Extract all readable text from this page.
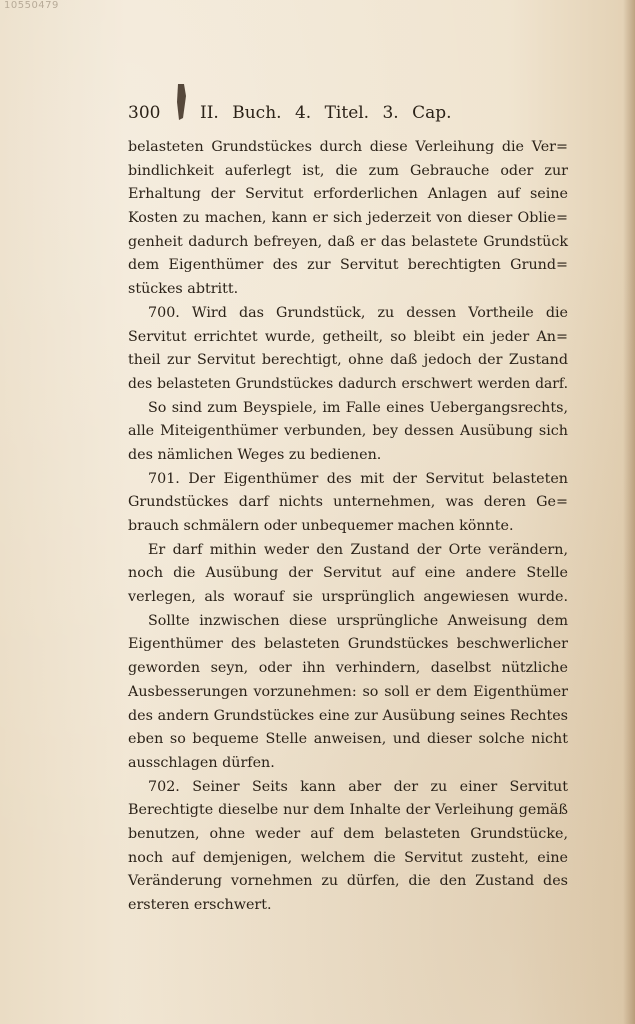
10550479
300 II. Buch. 4. Titel. 3. Cap.
belasteten Grundstückes durch diese Verleihung die Ver=
bindlichkeit auferlegt ist, die zum Gebrauche oder zur
Erhaltung der Servitut erforderlichen Anlagen auf seine
Kosten zu machen, kann er sich jederzeit von dieser Oblie=
genheit dadurch befreyen, daß er das belastete Grundstück
dem Eigenthümer des zur Servitut berechtigten Grund=
stückes abtritt.
700. Wird das Grundstück, zu dessen Vortheile die
Servitut errichtet wurde, getheilt, so bleibt ein jeder An=
theil zur Servitut berechtigt, ohne daß jedoch der Zustand
des belasteten Grundstückes dadurch erschwert werden darf.
So sind zum Beyspiele, im Falle eines Uebergangsrechts,
alle Miteigenthümer verbunden, bey dessen Ausübung sich
des nämlichen Weges zu bedienen.
701. Der Eigenthümer des mit der Servitut belasteten
Grundstückes darf nichts unternehmen, was deren Ge=
brauch schmälern oder unbequemer machen könnte.
Er darf mithin weder den Zustand der Orte verändern,
noch die Ausübung der Servitut auf eine andere Stelle
verlegen, als worauf sie ursprünglich angewiesen wurde.
Sollte inzwischen diese ursprüngliche Anweisung dem
Eigenthümer des belasteten Grundstückes beschwerlicher
geworden seyn, oder ihn verhindern, daselbst nützliche
Ausbesserungen vorzunehmen: so soll er dem Eigenthümer
des andern Grundstückes eine zur Ausübung seines Rechtes
eben so bequeme Stelle anweisen, und dieser solche nicht
ausschlagen dürfen.
702. Seiner Seits kann aber der zu einer Servitut
Berechtigte dieselbe nur dem Inhalte der Verleihung gemäß
benutzen, ohne weder auf dem belasteten Grundstücke,
noch auf demjenigen, welchem die Servitut zusteht, eine
Veränderung vornehmen zu dürfen, die den Zustand des
ersteren erschwert.
